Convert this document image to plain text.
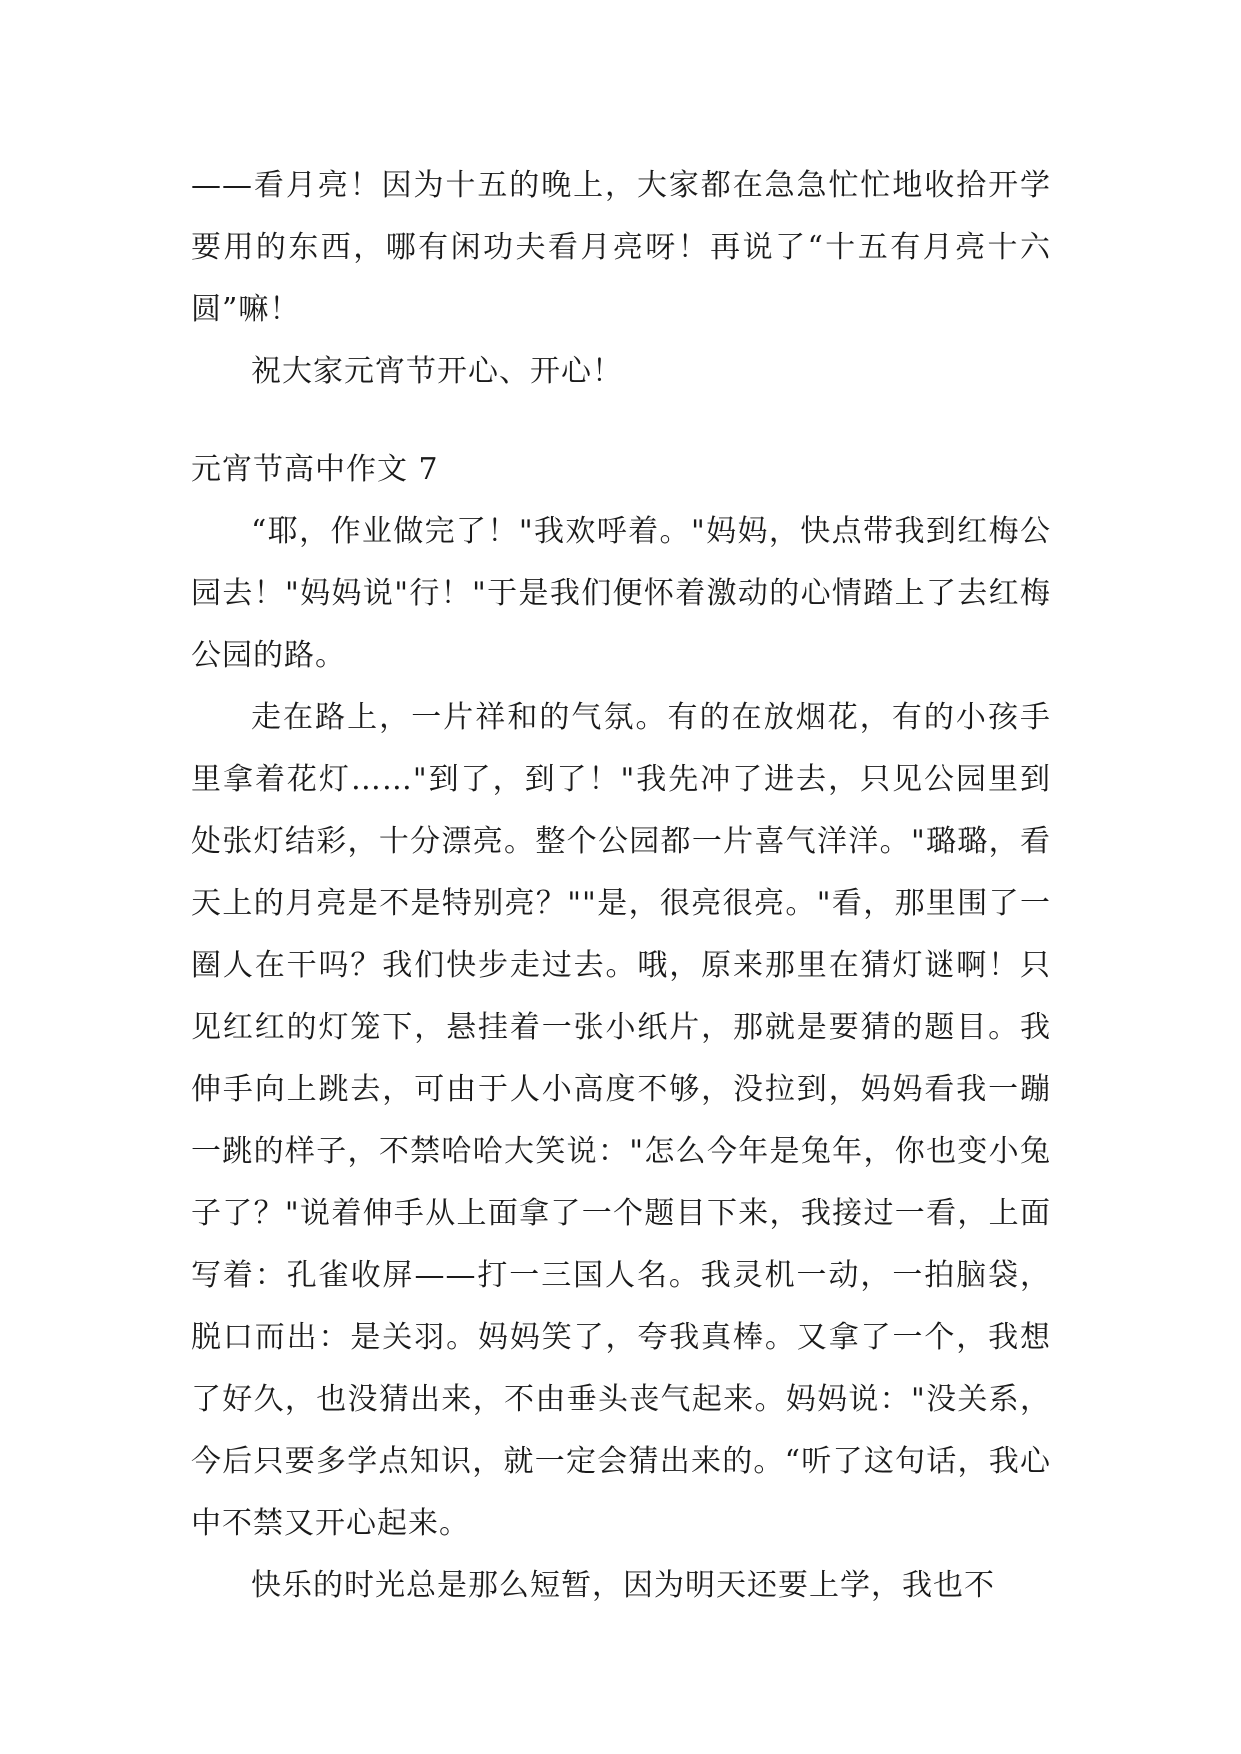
——看月亮！因为十五的晚上，大家都在急急忙忙地收拾开学要用的东西，哪有闲功夫看月亮呀！再说了“十五有月亮十六圆”嘛！

祝大家元宵节开心、开心！

元宵节高中作文 7

“耶，作业做完了！"我欢呼着。"妈妈，快点带我到红梅公园去！"妈妈说"行！"于是我们便怀着激动的心情踏上了去红梅公园的路。

走在路上，一片祥和的气氛。有的在放烟花，有的小孩手里拿着花灯……"到了，到了！"我先冲了进去，只见公园里到处张灯结彩，十分漂亮。整个公园都一片喜气洋洋。"璐璐，看天上的月亮是不是特别亮？""是，很亮很亮。"看，那里围了一圈人在干吗？我们快步走过去。哦，原来那里在猜灯谜啊！只见红红的灯笼下，悬挂着一张小纸片，那就是要猜的题目。我伸手向上跳去，可由于人小高度不够，没拉到，妈妈看我一蹦一跳的样子，不禁哈哈大笑说："怎么今年是兔年，你也变小兔子了？"说着伸手从上面拿了一个题目下来，我接过一看，上面写着：孔雀收屏——打一三国人名。我灵机一动，一拍脑袋，脱口而出：是关羽。妈妈笑了，夸我真棒。又拿了一个，我想了好久，也没猜出来，不由垂头丧气起来。妈妈说："没关系，今后只要多学点知识，就一定会猜出来的。“听了这句话，我心中不禁又开心起来。

快乐的时光总是那么短暂，因为明天还要上学，我也不
